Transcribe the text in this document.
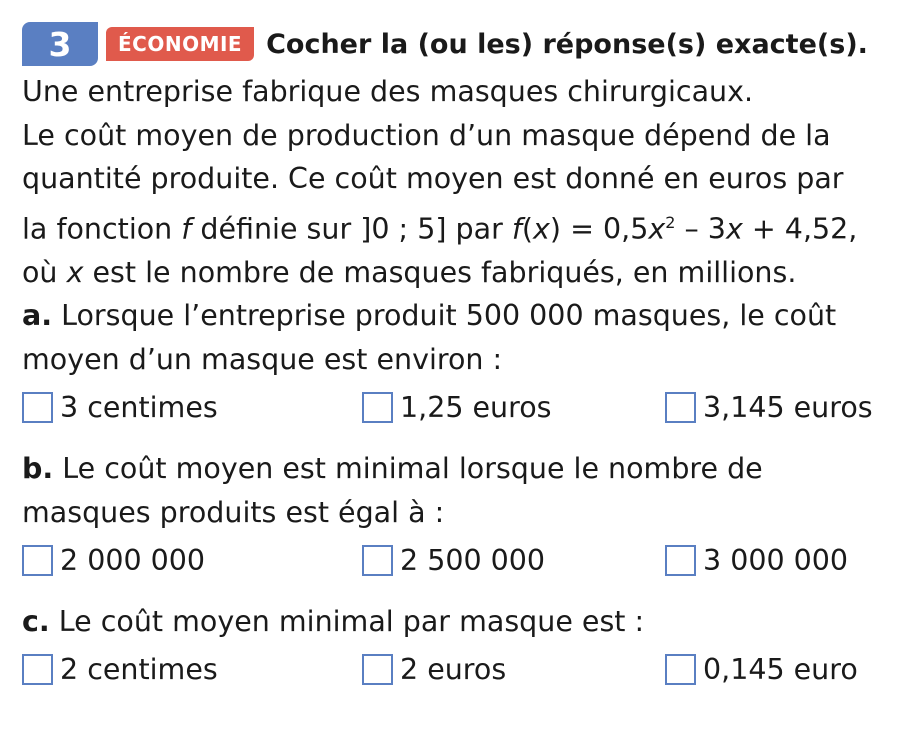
3	ÉCONOMIE Cocher la (ou les) réponse(s) exacte(s).
Une entreprise fabrique des masques chirurgicaux.
Le coût moyen de production d’un masque dépend de la
quantité produite. Ce coût moyen est donné en euros par
la fonction f définie sur ]0 ; 5] par $f(x) = 0,5x^2 - 3x + 4,52$,
où x est le nombre de masques fabriqués, en millions.
a. Lorsque l’entreprise produit 500 000 masques, le coût
moyen d’un masque est environ :
3 centimes	1,25 euros	3,145 euros
b. Le coût moyen est minimal lorsque le nombre de
masques produits est égal à :
2 000 000	2 500 000	3 000 000
c. Le coût moyen minimal par masque est :
2 centimes	2 euros	0,145 euro
